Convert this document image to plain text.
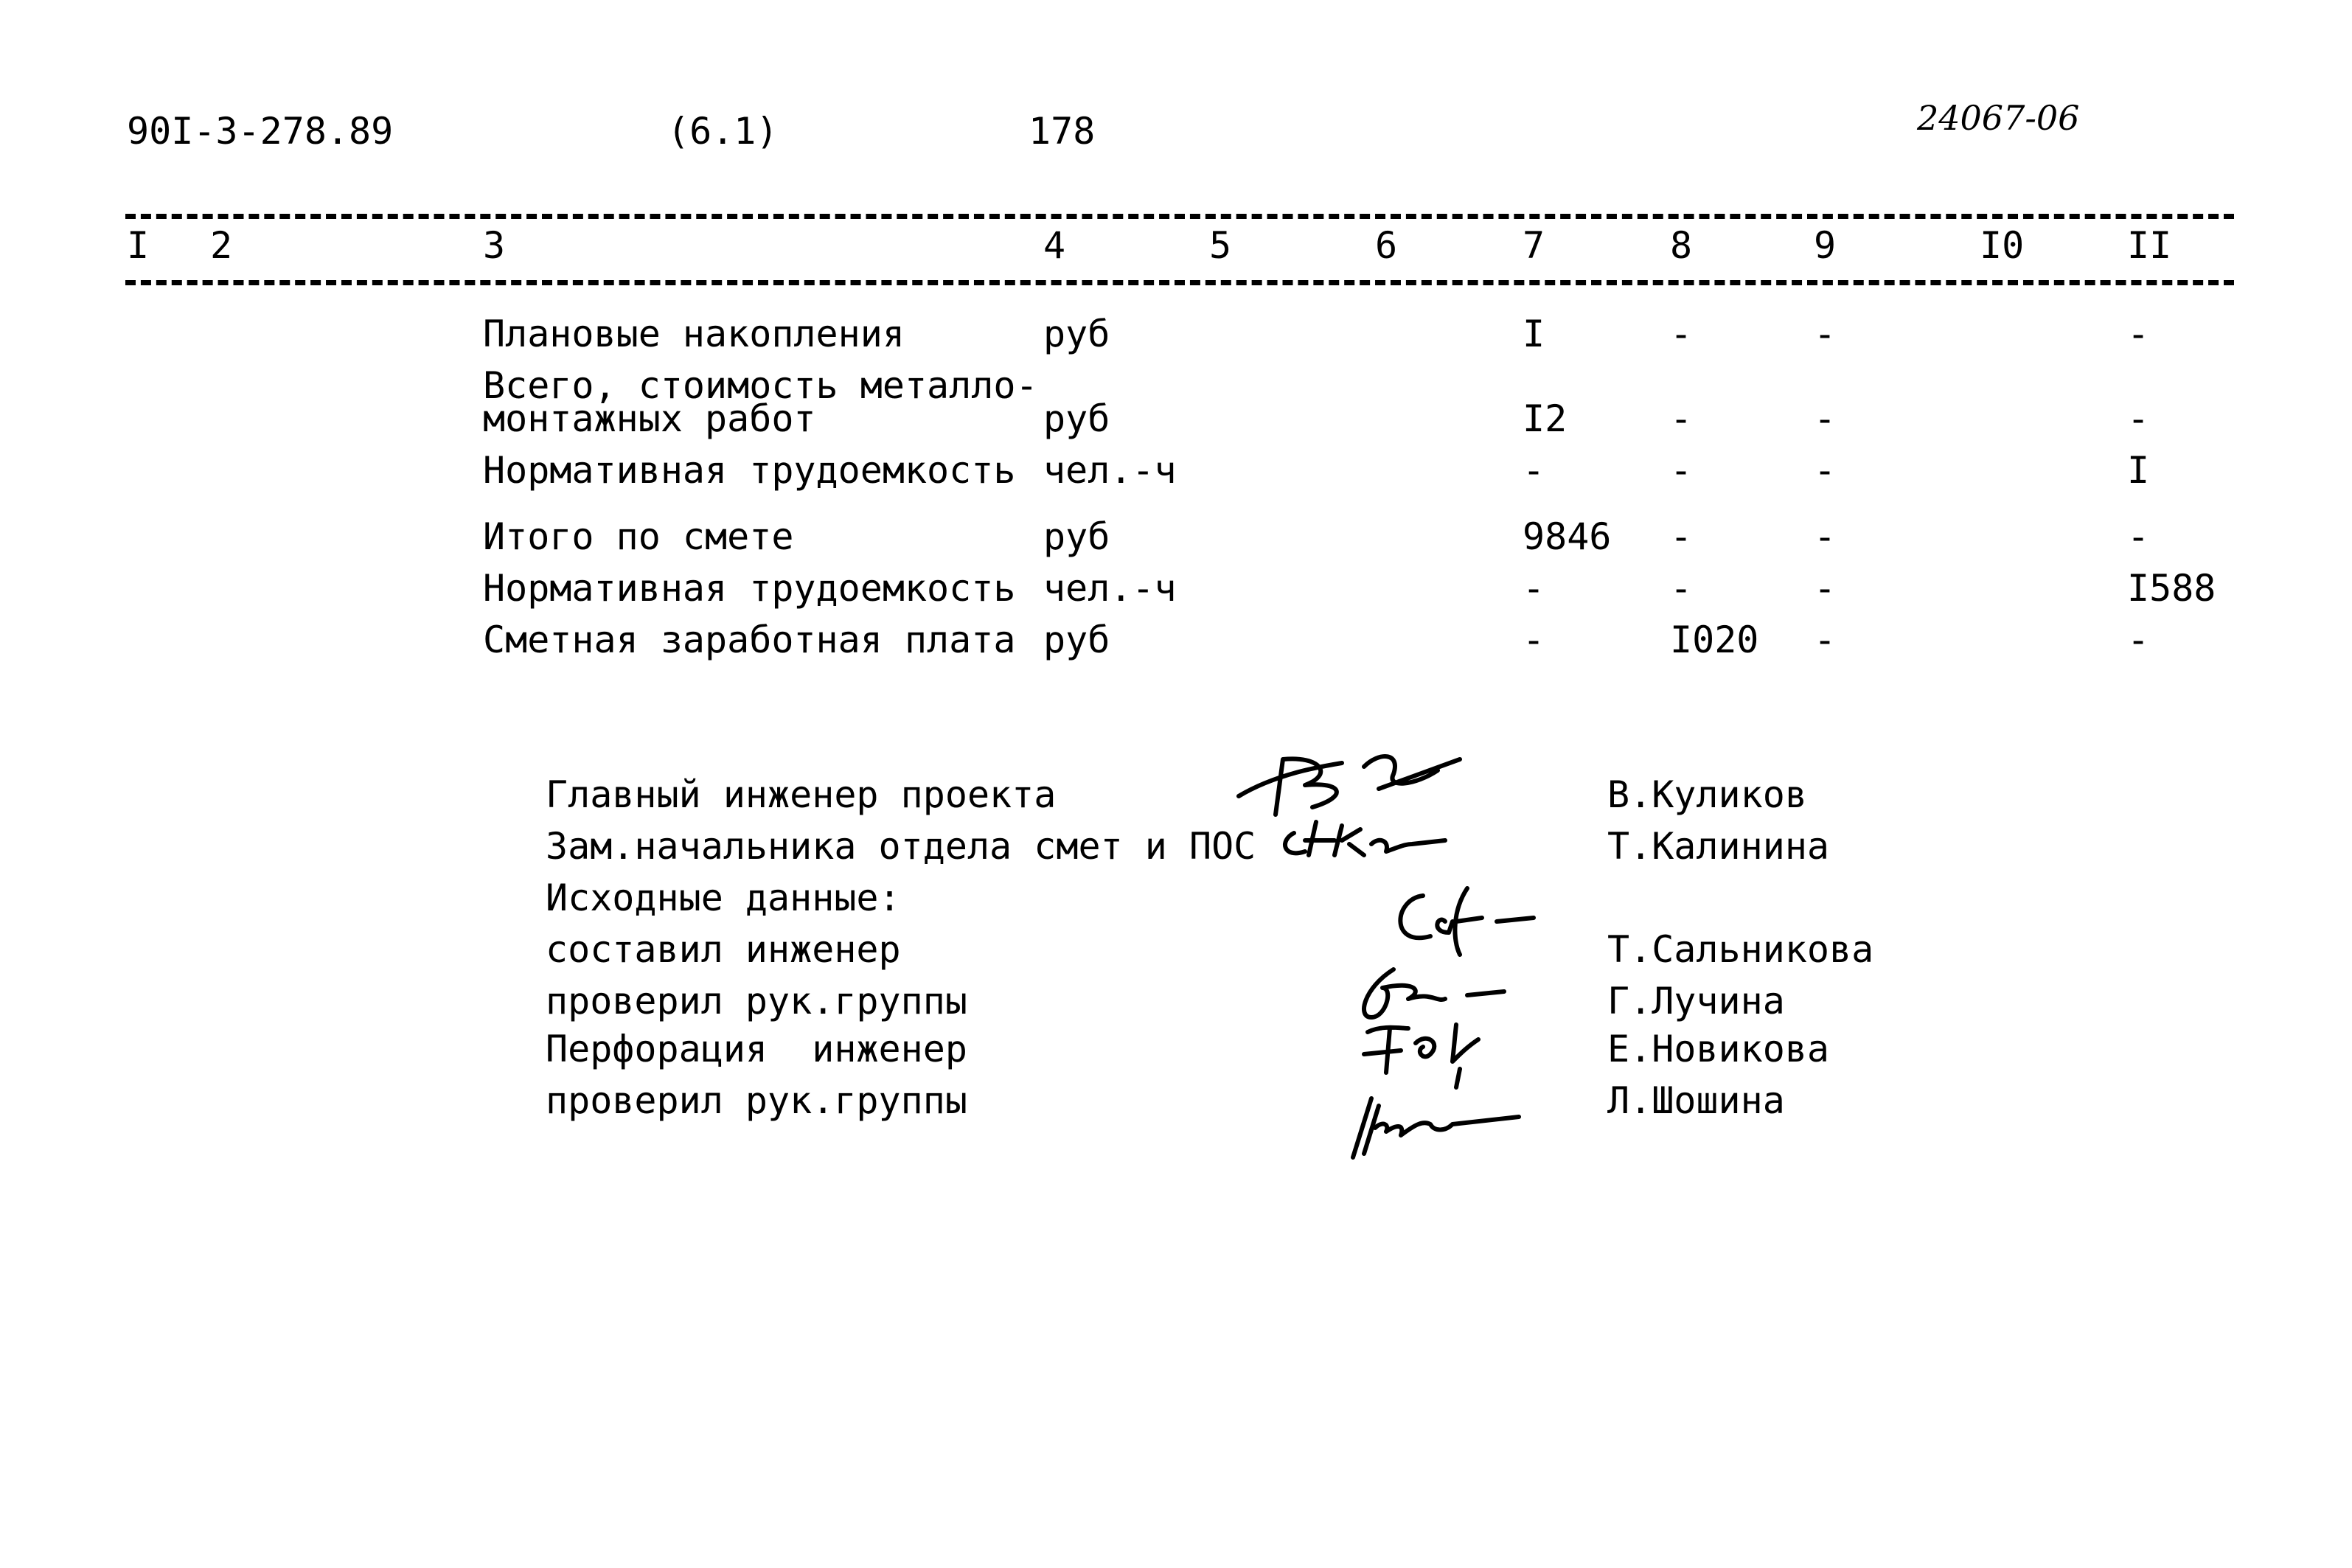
90I-3-278.89	(6.1)	178	24067-06
I 2	3	4	5	6	7	8	9	I0	II
Плановые накопления	руб	I	-	-	-
Всего, стоимость металло-
монтажных работ	руб	I2	-	-	-
Нормативная трудоемкость чел.-ч	-	-	-	I
Итого по смете	руб	9846 -	-	-
Нормативная трудоемкость чел.-ч	-	-	-	I588
Сметная заработная плата руб	-	I020 -	-
Главный инженер проекта
Зам.начальника отдела смет и ПОС
Исходные данные:
составил инженер
проверил рук.группы
Перфорация  инженер
проверил рук.группы
В.Куликов
Т.Калинина
Т.Сальникова
Г.Лучина
Е.Новикова
Л.Шошина
